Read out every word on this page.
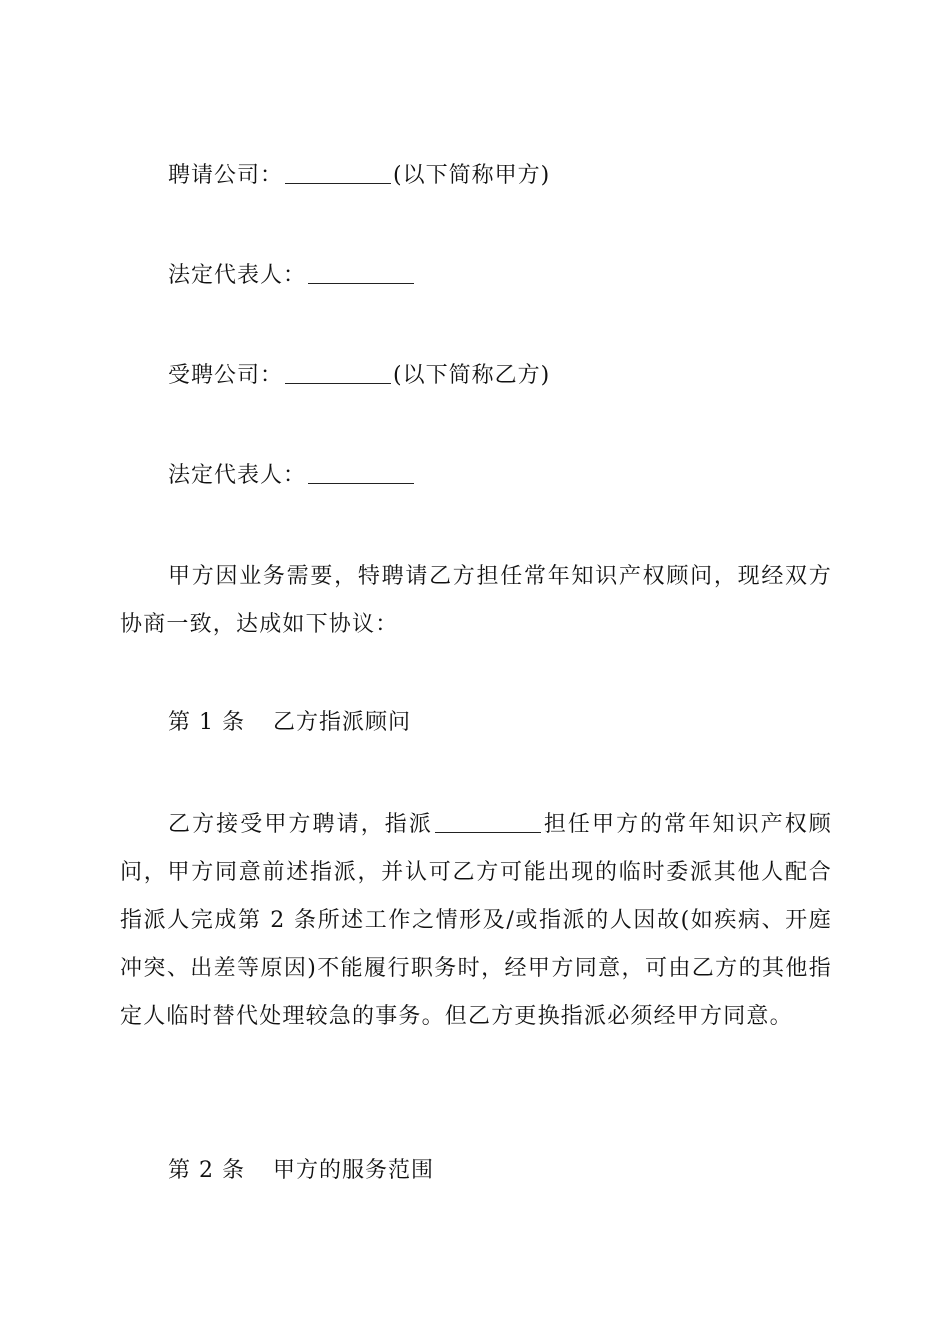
聘请公司：	(以下简称甲方)
法定代表人：
受聘公司：	(以下简称乙方)
法定代表人：
甲方因业务需要，特聘请乙方担任常年知识产权顾问，现经双方协商一致，达成如下协议：
第 1 条 乙方指派顾问
乙方接受甲方聘请，指派	担任甲方的常年知识产权顾问，甲方同意前述指派，并认可乙方可能出现的临时委派其他人配合指派人完成第 2 条所述工作之情形及/或指派的人因故(如疾病、开庭冲突、出差等原因)不能履行职务时，经甲方同意，可由乙方的其他指定人临时替代处理较急的事务。但乙方更换指派必须经甲方同意。
第 2 条 甲方的服务范围
